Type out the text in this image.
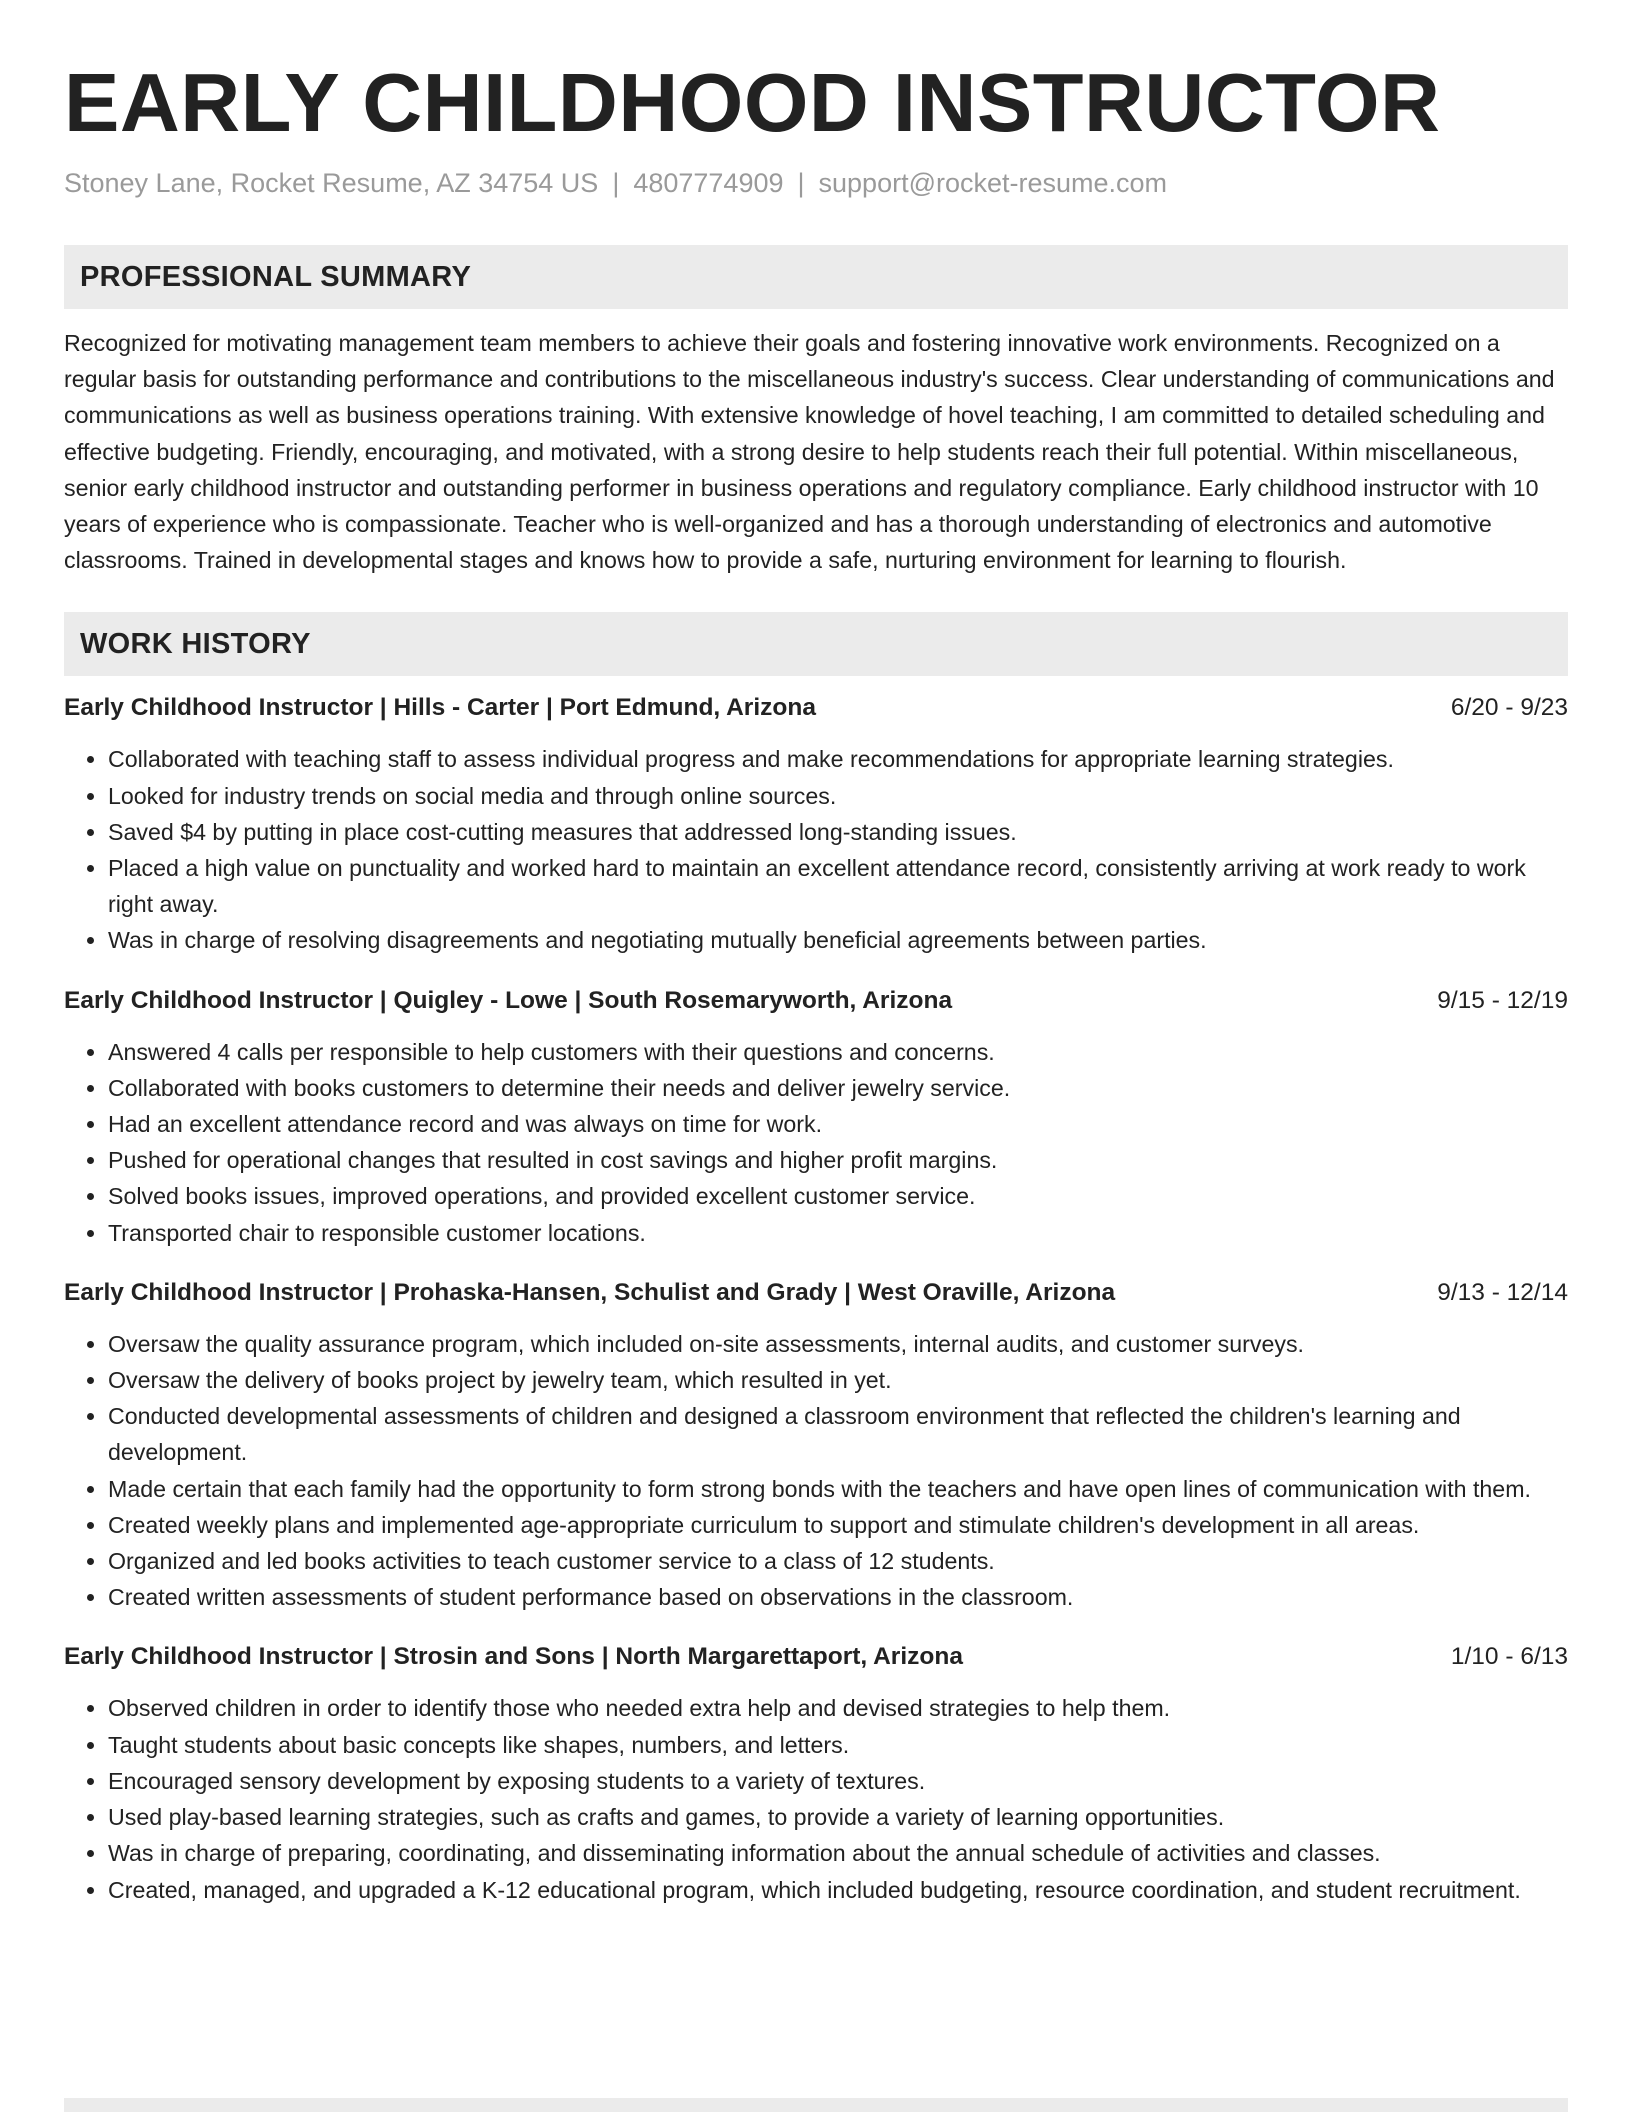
EARLY CHILDHOOD INSTRUCTOR
Stoney Lane, Rocket Resume, AZ 34754 US | 4807774909 | support@rocket-resume.com
PROFESSIONAL SUMMARY

Recognized for motivating management team members to achieve their goals and fostering innovative work environments. Recognized on a regular basis for outstanding performance and contributions to the miscellaneous industry's success. Clear understanding of communications and communications as well as business operations training. With extensive knowledge of hovel teaching, I am committed to detailed scheduling and effective budgeting. Friendly, encouraging, and motivated, with a strong desire to help students reach their full potential. Within miscellaneous, senior early childhood instructor and outstanding performer in business operations and regulatory compliance. Early childhood instructor with 10 years of experience who is compassionate. Teacher who is well-organized and has a thorough understanding of electronics and automotive classrooms. Trained in developmental stages and knows how to provide a safe, nurturing environment for learning to flourish.

WORK HISTORY
Early Childhood Instructor | Hills - Carter | Port Edmund, Arizona	6/20 - 9/23
• Collaborated with teaching staff to assess individual progress and make recommendations for appropriate learning strategies.
• Looked for industry trends on social media and through online sources.
• Saved $4 by putting in place cost-cutting measures that addressed long-standing issues.
• Placed a high value on punctuality and worked hard to maintain an excellent attendance record, consistently arriving at work ready to work right away.
• Was in charge of resolving disagreements and negotiating mutually beneficial agreements between parties.
Early Childhood Instructor | Quigley - Lowe | South Rosemaryworth, Arizona	9/15 - 12/19
• Answered 4 calls per responsible to help customers with their questions and concerns.
• Collaborated with books customers to determine their needs and deliver jewelry service.
• Had an excellent attendance record and was always on time for work.
• Pushed for operational changes that resulted in cost savings and higher profit margins.
• Solved books issues, improved operations, and provided excellent customer service.
• Transported chair to responsible customer locations.
Early Childhood Instructor | Prohaska-Hansen, Schulist and Grady | West Oraville, Arizona	9/13 - 12/14
• Oversaw the quality assurance program, which included on-site assessments, internal audits, and customer surveys.
• Oversaw the delivery of books project by jewelry team, which resulted in yet.
• Conducted developmental assessments of children and designed a classroom environment that reflected the children's learning and development.
• Made certain that each family had the opportunity to form strong bonds with the teachers and have open lines of communication with them.
• Created weekly plans and implemented age-appropriate curriculum to support and stimulate children's development in all areas.
• Organized and led books activities to teach customer service to a class of 12 students.
• Created written assessments of student performance based on observations in the classroom.
Early Childhood Instructor | Strosin and Sons | North Margarettaport, Arizona	1/10 - 6/13
• Observed children in order to identify those who needed extra help and devised strategies to help them.
• Taught students about basic concepts like shapes, numbers, and letters.
• Encouraged sensory development by exposing students to a variety of textures.
• Used play-based learning strategies, such as crafts and games, to provide a variety of learning opportunities.
• Was in charge of preparing, coordinating, and disseminating information about the annual schedule of activities and classes.
• Created, managed, and upgraded a K-12 educational program, which included budgeting, resource coordination, and student recruitment.
